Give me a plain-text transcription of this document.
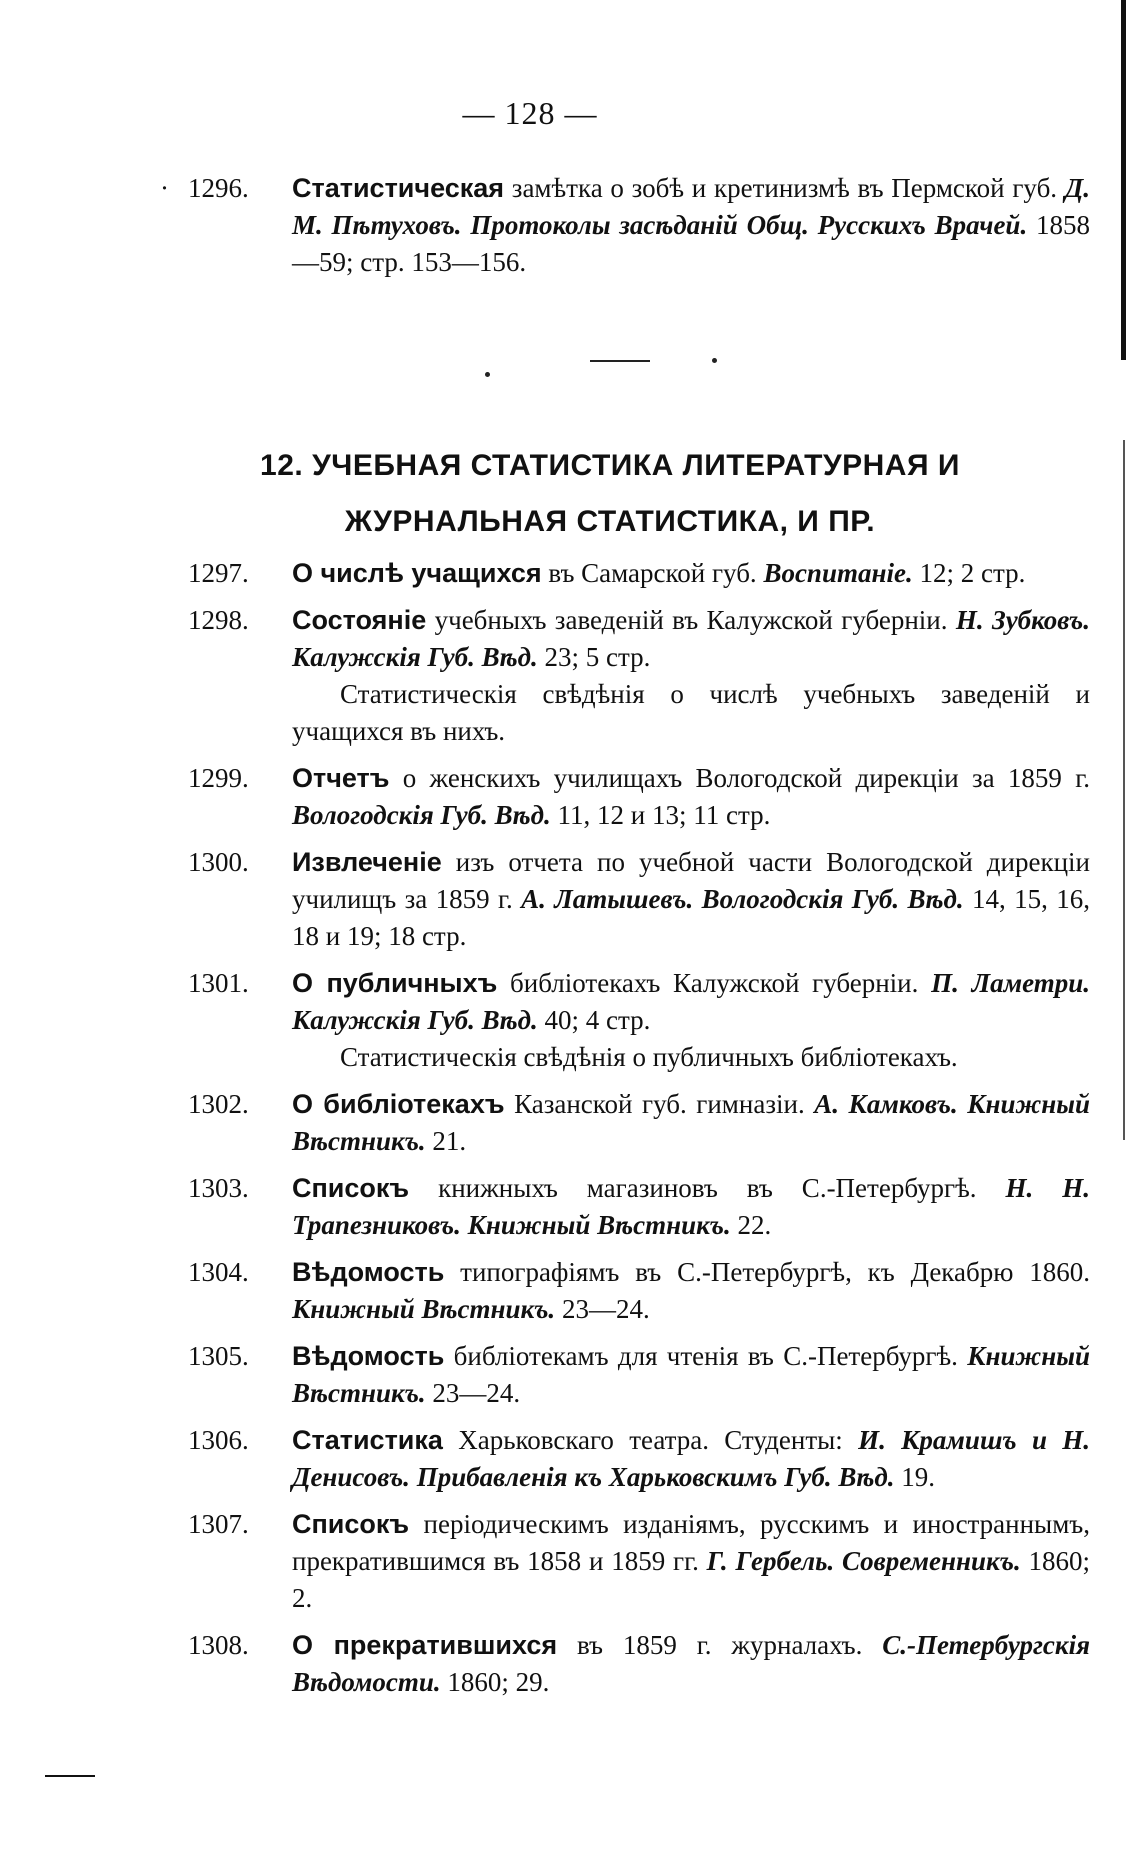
— 128 —
· 1296. Статистическая замѣтка о зобѣ и кретинизмѣ въ Пермской губ. Д. М. Пѣтуховъ. Протоколы засѣданій Общ. Русскихъ Врачей. 1858—59; стр. 153—156.
12. УЧЕБНАЯ СТАТИСТИКА ЛИТЕРАТУРНАЯ И ЖУРНАЛЬНАЯ СТАТИСТИКА, И ПР.
1297. О числѣ учащихся въ Самарской губ. Воспитаніе. 12; 2 стр.
1298. Состояніе учебныхъ заведеній въ Калужской губерніи. Н. Зубковъ. Калужскія Губ. Вѣд. 23; 5 стр.
Статистическія свѣдѣнія о числѣ учебныхъ заведеній и учащихся въ нихъ.
1299. Отчетъ о женскихъ училищахъ Вологодской дирекціи за 1859 г. Вологодскія Губ. Вѣд. 11, 12 и 13; 11 стр.
1300. Извлеченіе изъ отчета по учебной части Вологодской дирекціи училищъ за 1859 г. А. Латышевъ. Вологодскія Губ. Вѣд. 14, 15, 16, 18 и 19; 18 стр.
1301. О публичныхъ библіотекахъ Калужской губерніи. П. Ламетри. Калужскія Губ. Вѣд. 40; 4 стр.
Статистическія свѣдѣнія о публичныхъ библіотекахъ.
1302. О библіотекахъ Казанской губ. гимназіи. А. Камковъ. Книжный Вѣстникъ. 21.
1303. Списокъ книжныхъ магазиновъ въ С.-Петербургѣ. Н. Н. Трапезниковъ. Книжный Вѣстникъ. 22.
1304. Вѣдомость типографіямъ въ С.-Петербургѣ, къ Декабрю 1860. Книжный Вѣстникъ. 23—24.
1305. Вѣдомость библіотекамъ для чтенія въ С.-Петербургѣ. Книжный Вѣстникъ. 23—24.
1306. Статистика Харьковскаго театра. Студенты: И. Крамишъ и Н. Денисовъ. Прибавленія къ Харьковскимъ Губ. Вѣд. 19.
1307. Списокъ періодическимъ изданіямъ, русскимъ и иностраннымъ, прекратившимся въ 1858 и 1859 гг. Г. Гербель. Современникъ. 1860; 2.
1308. О прекратившихся въ 1859 г. журналахъ. С.-Петербургскія Вѣдомости. 1860; 29.
